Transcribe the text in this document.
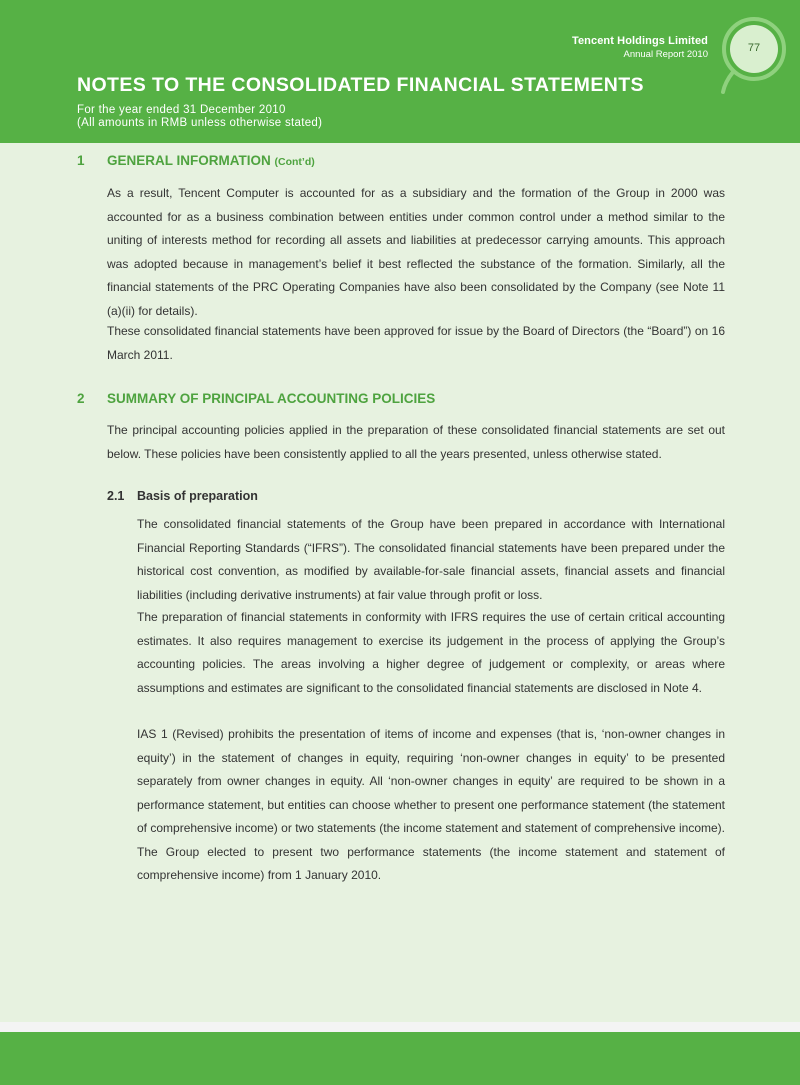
Tencent Holdings Limited
Annual Report 2010
77
NOTES TO THE CONSOLIDATED FINANCIAL STATEMENTS
For the year ended 31 December 2010
(All amounts in RMB unless otherwise stated)
1 GENERAL INFORMATION (Cont’d)

As a result, Tencent Computer is accounted for as a subsidiary and the formation of the Group in 2000 was accounted for as a business combination between entities under common control under a method similar to the uniting of interests method for recording all assets and liabilities at predecessor carrying amounts. This approach was adopted because in management’s belief it best reflected the substance of the formation. Similarly, all the financial statements of the PRC Operating Companies have also been consolidated by the Company (see Note 11 (a)(ii) for details).

These consolidated financial statements have been approved for issue by the Board of Directors (the “Board”) on 16 March 2011.

2 SUMMARY OF PRINCIPAL ACCOUNTING POLICIES

The principal accounting policies applied in the preparation of these consolidated financial statements are set out below. These policies have been consistently applied to all the years presented, unless otherwise stated.

2.1 Basis of preparation

The consolidated financial statements of the Group have been prepared in accordance with International Financial Reporting Standards (“IFRS”). The consolidated financial statements have been prepared under the historical cost convention, as modified by available-for-sale financial assets, financial assets and financial liabilities (including derivative instruments) at fair value through profit or loss.

The preparation of financial statements in conformity with IFRS requires the use of certain critical accounting estimates. It also requires management to exercise its judgement in the process of applying the Group’s accounting policies. The areas involving a higher degree of judgement or complexity, or areas where assumptions and estimates are significant to the consolidated financial statements are disclosed in Note 4.

IAS 1 (Revised) prohibits the presentation of items of income and expenses (that is, ‘non-owner changes in equity’) in the statement of changes in equity, requiring ‘non-owner changes in equity’ to be presented separately from owner changes in equity. All ‘non-owner changes in equity’ are required to be shown in a performance statement, but entities can choose whether to present one performance statement (the statement of comprehensive income) or two statements (the income statement and statement of comprehensive income). The Group elected to present two performance statements (the income statement and statement of comprehensive income) from 1 January 2010.
